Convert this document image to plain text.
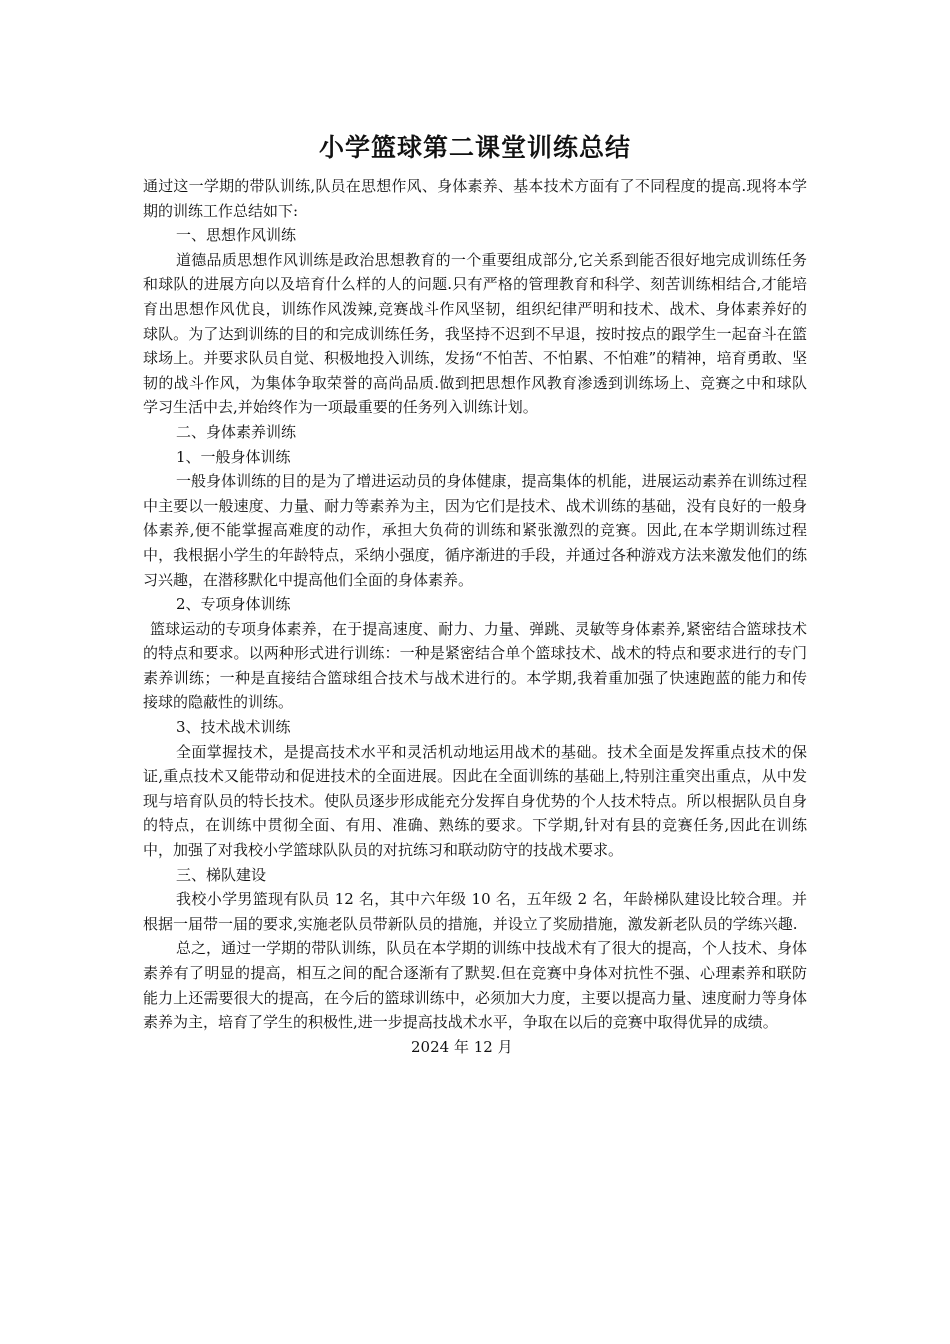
小学篮球第二课堂训练总结

通过这一学期的带队训练,队员在思想作风、身体素养、基本技术方面有了不同程度的提高.现将本学期的训练工作总结如下:

一、思想作风训练

道德品质思想作风训练是政治思想教育的一个重要组成部分,它关系到能否很好地完成训练任务和球队的进展方向以及培育什么样的人的问题.只有严格的管理教育和科学、刻苦训练相结合,才能培育出思想作风优良，训练作风泼辣,竞赛战斗作风坚韧，组织纪律严明和技术、战术、身体素养好的球队。为了达到训练的目的和完成训练任务，我坚持不迟到不早退，按时按点的跟学生一起奋斗在篮球场上。并要求队员自觉、积极地投入训练，发扬“不怕苦、不怕累、不怕难”的精神，培育勇敢、坚韧的战斗作风，为集体争取荣誉的高尚品质.做到把思想作风教育渗透到训练场上、竞赛之中和球队学习生活中去,并始终作为一项最重要的任务列入训练计划。

二、身体素养训练

1、一般身体训练

一般身体训练的目的是为了增进运动员的身体健康，提高集体的机能，进展运动素养在训练过程中主要以一般速度、力量、耐力等素养为主，因为它们是技术、战术训练的基础，没有良好的一般身体素养,便不能掌握高难度的动作，承担大负荷的训练和紧张激烈的竞赛。因此,在本学期训练过程中，我根据小学生的年龄特点，采纳小强度，循序渐进的手段，并通过各种游戏方法来激发他们的练习兴趣，在潜移默化中提高他们全面的身体素养。

2、专项身体训练

篮球运动的专项身体素养，在于提高速度、耐力、力量、弹跳、灵敏等身体素养,紧密结合篮球技术的特点和要求。以两种形式进行训练：一种是紧密结合单个篮球技术、战术的特点和要求进行的专门素养训练；一种是直接结合篮球组合技术与战术进行的。本学期,我着重加强了快速跑蓝的能力和传接球的隐蔽性的训练。

3、技术战术训练

全面掌握技术，是提高技术水平和灵活机动地运用战术的基础。技术全面是发挥重点技术的保证,重点技术又能带动和促进技术的全面进展。因此在全面训练的基础上,特别注重突出重点，从中发现与培育队员的特长技术。使队员逐步形成能充分发挥自身优势的个人技术特点。所以根据队员自身的特点，在训练中贯彻全面、有用、准确、熟练的要求。下学期,针对有县的竞赛任务,因此在训练中，加强了对我校小学篮球队队员的对抗练习和联动防守的技战术要求。

三、梯队建设

我校小学男篮现有队员 12 名，其中六年级 10 名，五年级 2 名，年龄梯队建设比较合理。并根据一届带一届的要求,实施老队员带新队员的措施，并设立了奖励措施，激发新老队员的学练兴趣.

总之，通过一学期的带队训练，队员在本学期的训练中技战术有了很大的提高，个人技术、身体素养有了明显的提高，相互之间的配合逐渐有了默契.但在竞赛中身体对抗性不强、心理素养和联防能力上还需要很大的提高，在今后的篮球训练中，必须加大力度，主要以提高力量、速度耐力等身体素养为主，培育了学生的积极性,进一步提高技战术水平，争取在以后的竞赛中取得优异的成绩。

2024 年 12 月
